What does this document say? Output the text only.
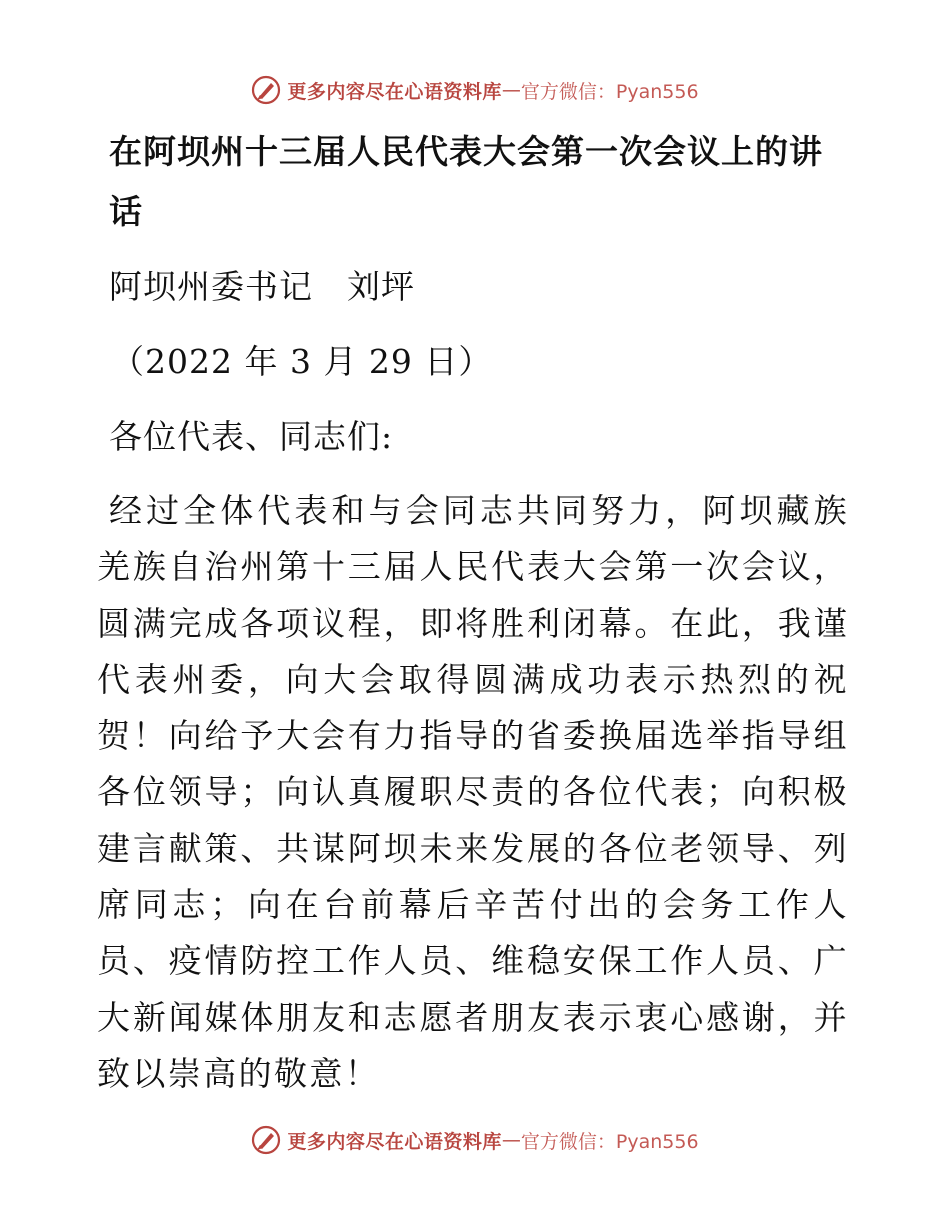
更多内容尽在心语资料库 — 官方微信：Pyan556
在阿坝州十三届人民代表大会第一次会议上的讲话

阿坝州委书记　刘坪

（2022 年 3 月 29 日）

各位代表、同志们:

经过全体代表和与会同志共同努力，阿坝藏族羌族自治州第十三届人民代表大会第一次会议，圆满完成各项议程，即将胜利闭幕。在此，我谨代表州委，向大会取得圆满成功表示热烈的祝贺！向给予大会有力指导的省委换届选举指导组各位领导；向认真履职尽责的各位代表；向积极建言献策、共谋阿坝未来发展的各位老领导、列席同志；向在台前幕后辛苦付出的会务工作人员、疫情防控工作人员、维稳安保工作人员、广大新闻媒体朋友和志愿者朋友表示衷心感谢，并致以崇高的敬意！

更多内容尽在心语资料库 — 官方微信：Pyan556
